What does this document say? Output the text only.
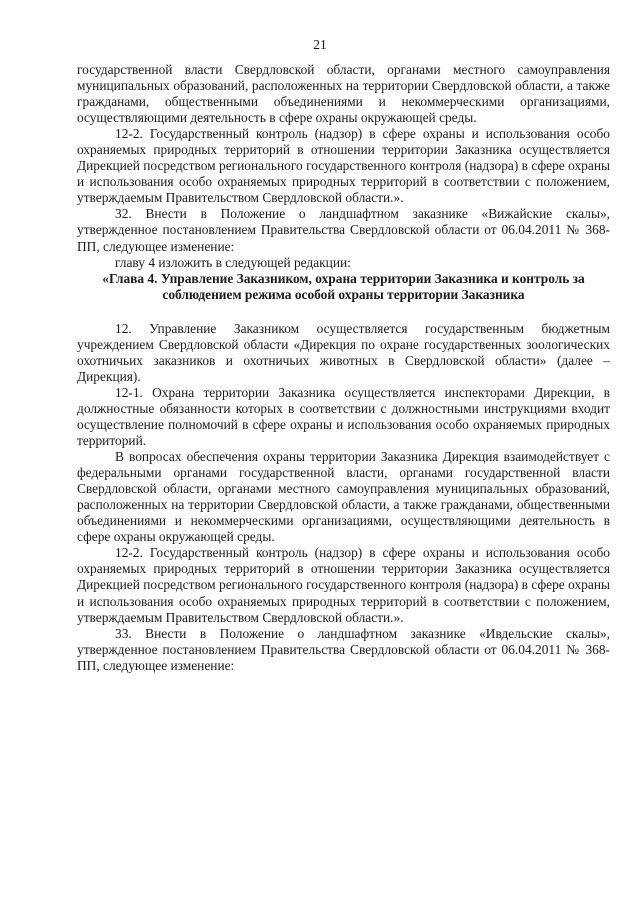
21

государственной власти Свердловской области, органами местного самоуправления муниципальных образований, расположенных на территории Свердловской области, а также гражданами, общественными объединениями и некоммерческими организациями, осуществляющими деятельность в сфере охраны окружающей среды.

12-2. Государственный контроль (надзор) в сфере охраны и использования особо охраняемых природных территорий в отношении территории Заказника осуществляется Дирекцией посредством регионального государственного контроля (надзора) в сфере охраны и использования особо охраняемых природных территорий в соответствии с положением, утверждаемым Правительством Свердловской области.».

32. Внести в Положение о ландшафтном заказнике «Вижайские скалы», утвержденное постановлением Правительства Свердловской области от 06.04.2011 № 368-ПП, следующее изменение:

главу 4 изложить в следующей редакции:

«Глава 4. Управление Заказником, охрана территории Заказника и контроль за соблюдением режима особой охраны территории Заказника

12. Управление Заказником осуществляется государственным бюджетным учреждением Свердловской области «Дирекция по охране государственных зоологических охотничьих заказников и охотничьих животных в Свердловской области» (далее – Дирекция).

12-1. Охрана территории Заказника осуществляется инспекторами Дирекции, в должностные обязанности которых в соответствии с должностными инструкциями входит осуществление полномочий в сфере охраны и использования особо охраняемых природных территорий.

В вопросах обеспечения охраны территории Заказника Дирекция взаимодействует с федеральными органами государственной власти, органами государственной власти Свердловской области, органами местного самоуправления муниципальных образований, расположенных на территории Свердловской области, а также гражданами, общественными объединениями и некоммерческими организациями, осуществляющими деятельность в сфере охраны окружающей среды.

12-2. Государственный контроль (надзор) в сфере охраны и использования особо охраняемых природных территорий в отношении территории Заказника осуществляется Дирекцией посредством регионального государственного контроля (надзора) в сфере охраны и использования особо охраняемых природных территорий в соответствии с положением, утверждаемым Правительством Свердловской области.».

33. Внести в Положение о ландшафтном заказнике «Ивдельские скалы», утвержденное постановлением Правительства Свердловской области от 06.04.2011 № 368-ПП, следующее изменение:
